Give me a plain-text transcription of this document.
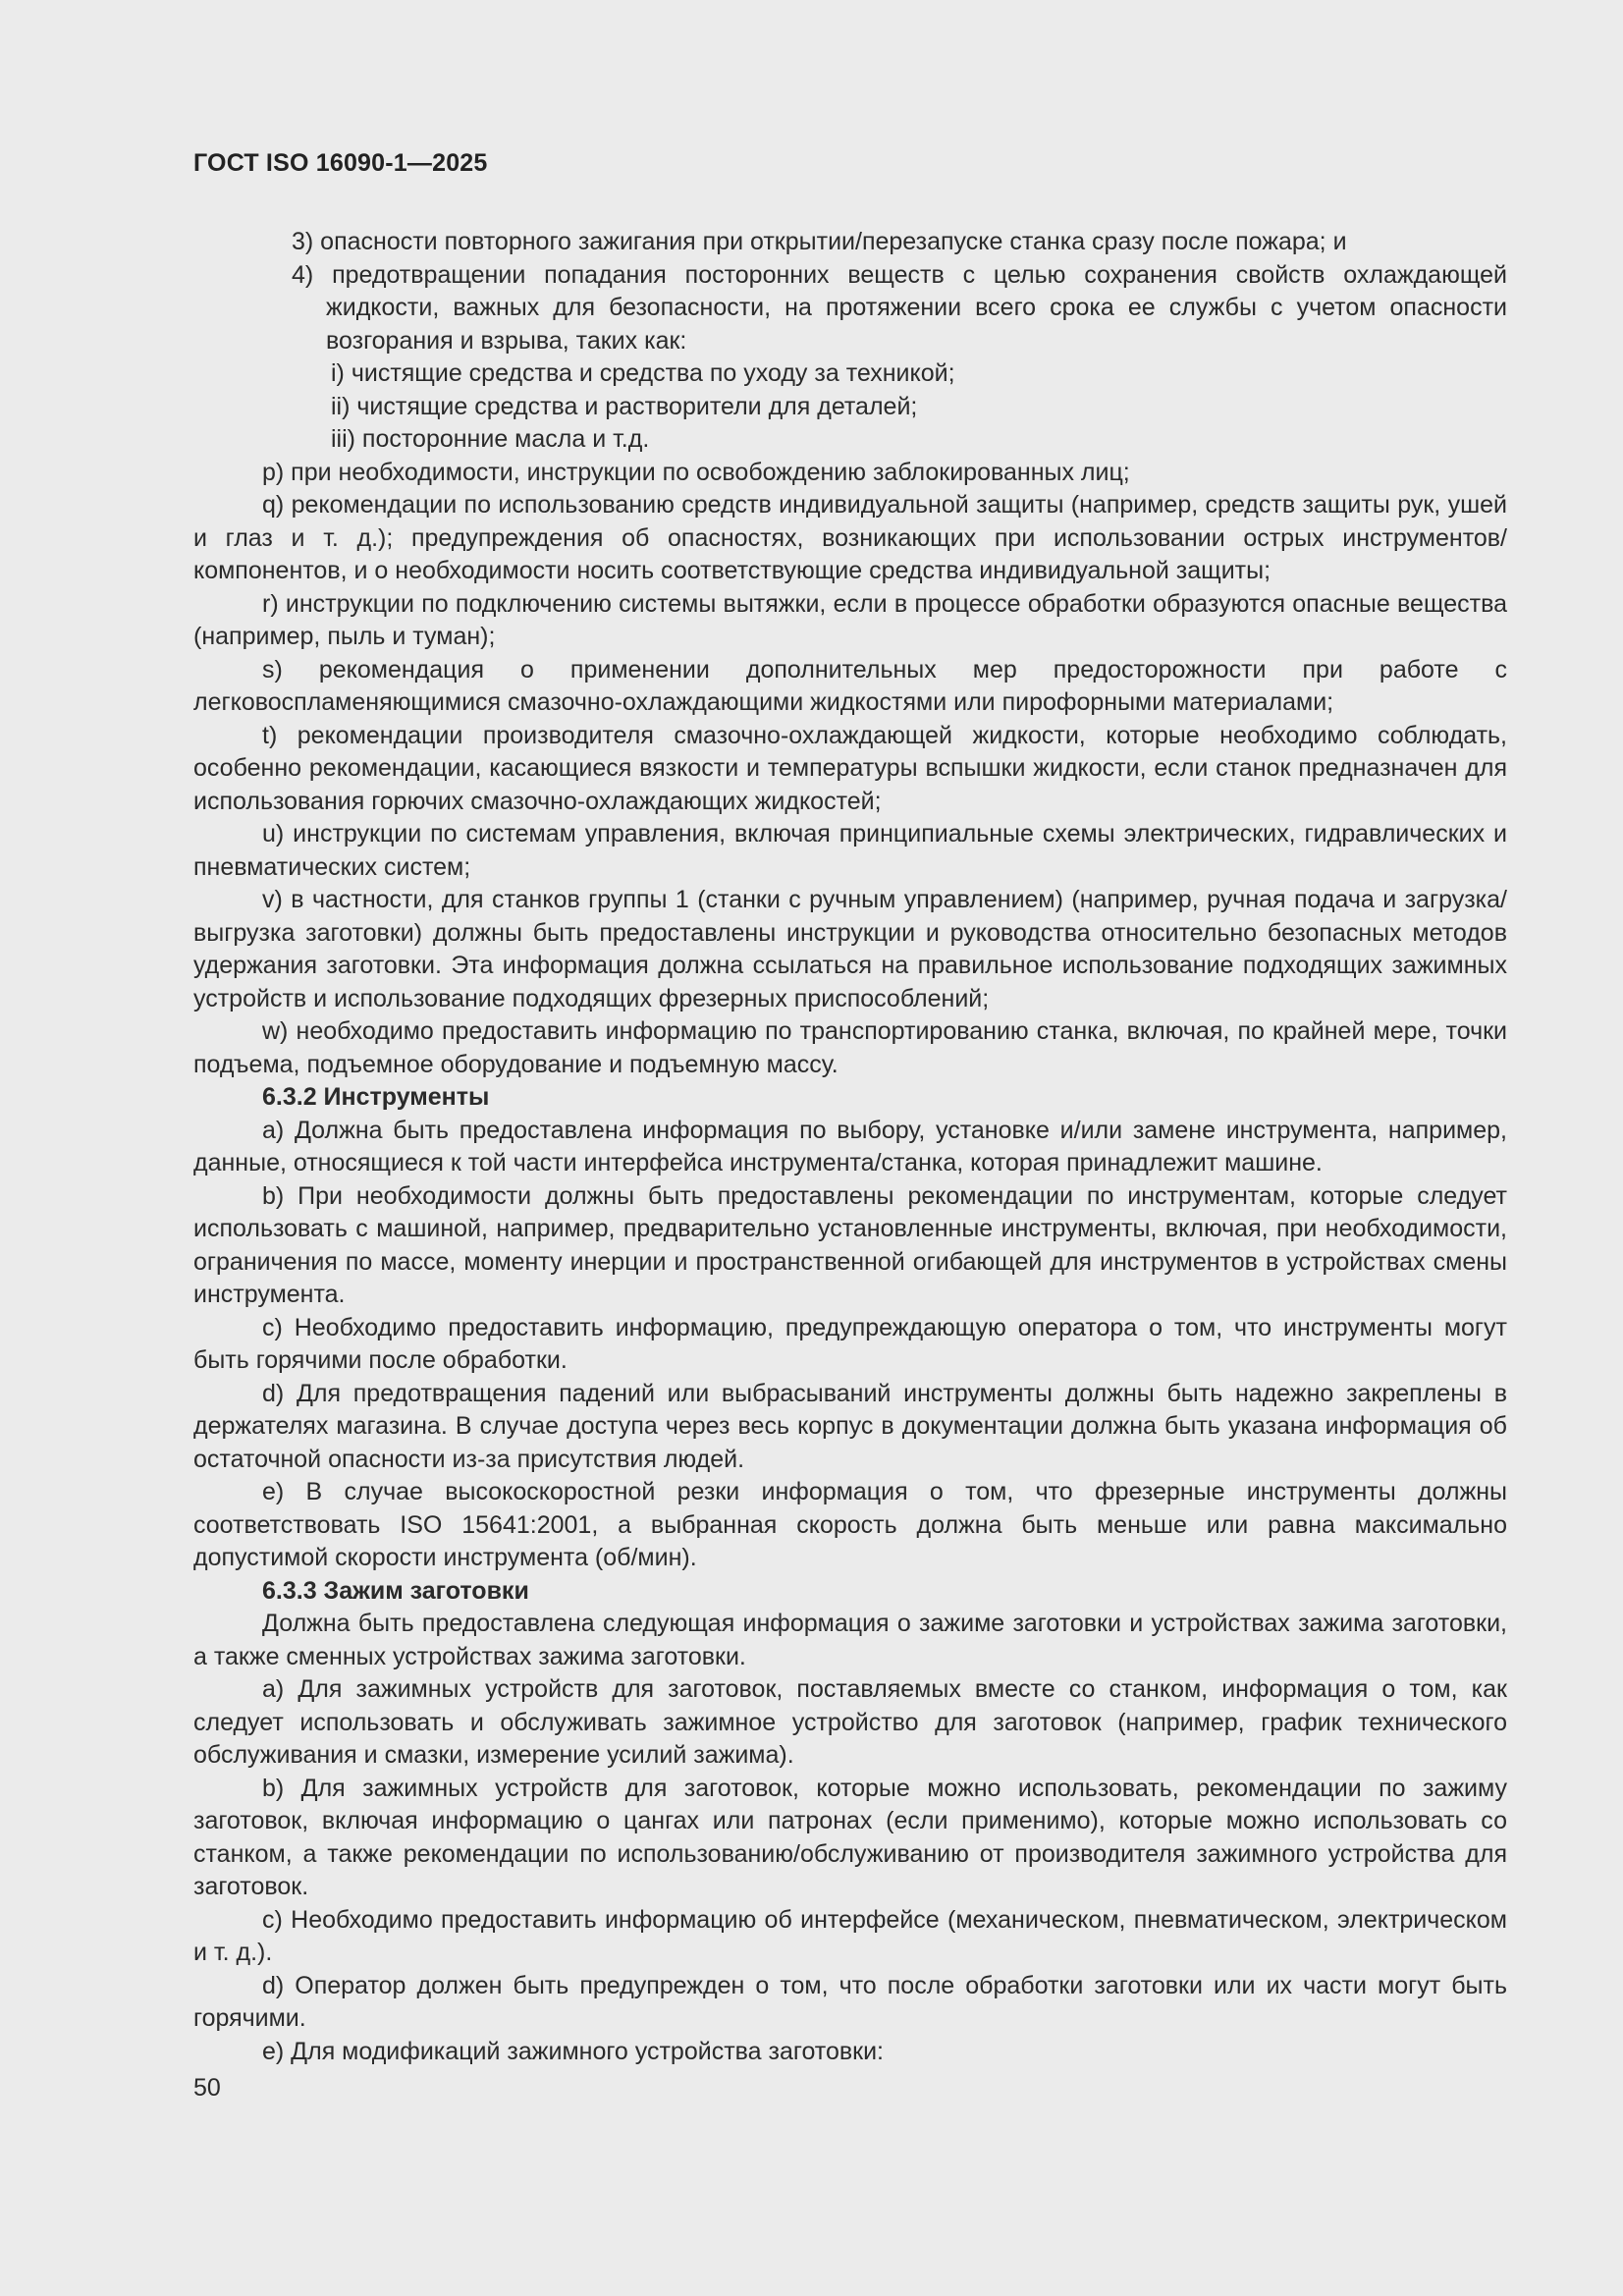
ГОСТ ISO 16090-1—2025

3) опасности повторного зажигания при открытии/перезапуске станка сразу после пожара; и

4) предотвращении попадания посторонних веществ с целью сохранения свойств охлаждающей жидкости, важных для безопасности, на протяжении всего срока ее службы с учетом опасности возгорания и взрыва, таких как:

i) чистящие средства и средства по уходу за техникой;

ii) чистящие средства и растворители для деталей;

iii) посторонние масла и т.д.

p) при необходимости, инструкции по освобождению заблокированных лиц;

q) рекомендации по использованию средств индивидуальной защиты (например, средств защиты рук, ушей и глаз и т. д.); предупреждения об опасностях, возникающих при использовании острых инструментов/компонентов, и о необходимости носить соответствующие средства индивидуальной защиты;

r) инструкции по подключению системы вытяжки, если в процессе обработки образуются опасные вещества (например, пыль и туман);

s) рекомендация о применении дополнительных мер предосторожности при работе с легковоспламеняющимися смазочно-охлаждающими жидкостями или пирофорными материалами;

t) рекомендации производителя смазочно-охлаждающей жидкости, которые необходимо соблюдать, особенно рекомендации, касающиеся вязкости и температуры вспышки жидкости, если станок предназначен для использования горючих смазочно-охлаждающих жидкостей;

u) инструкции по системам управления, включая принципиальные схемы электрических, гидравлических и пневматических систем;

v) в частности, для станков группы 1 (станки с ручным управлением) (например, ручная подача и загрузка/выгрузка заготовки) должны быть предоставлены инструкции и руководства относительно безопасных методов удержания заготовки. Эта информация должна ссылаться на правильное использование подходящих зажимных устройств и использование подходящих фрезерных приспособлений;

w) необходимо предоставить информацию по транспортированию станка, включая, по крайней мере, точки подъема, подъемное оборудование и подъемную массу.

6.3.2 Инструменты

a) Должна быть предоставлена информация по выбору, установке и/или замене инструмента, например, данные, относящиеся к той части интерфейса инструмента/станка, которая принадлежит машине.

b) При необходимости должны быть предоставлены рекомендации по инструментам, которые следует использовать с машиной, например, предварительно установленные инструменты, включая, при необходимости, ограничения по массе, моменту инерции и пространственной огибающей для инструментов в устройствах смены инструмента.

c) Необходимо предоставить информацию, предупреждающую оператора о том, что инструменты могут быть горячими после обработки.

d) Для предотвращения падений или выбрасываний инструменты должны быть надежно закреплены в держателях магазина. В случае доступа через весь корпус в документации должна быть указана информация об остаточной опасности из-за присутствия людей.

e) В случае высокоскоростной резки информация о том, что фрезерные инструменты должны соответствовать ISO 15641:2001, а выбранная скорость должна быть меньше или равна максимально допустимой скорости инструмента (об/мин).

6.3.3 Зажим заготовки

Должна быть предоставлена следующая информация о зажиме заготовки и устройствах зажима заготовки, а также сменных устройствах зажима заготовки.

a) Для зажимных устройств для заготовок, поставляемых вместе со станком, информация о том, как следует использовать и обслуживать зажимное устройство для заготовок (например, график технического обслуживания и смазки, измерение усилий зажима).

b) Для зажимных устройств для заготовок, которые можно использовать, рекомендации по зажиму заготовок, включая информацию о цангах или патронах (если применимо), которые можно использовать со станком, а также рекомендации по использованию/обслуживанию от производителя зажимного устройства для заготовок.

c) Необходимо предоставить информацию об интерфейсе (механическом, пневматическом, электрическом и т. д.).

d) Оператор должен быть предупрежден о том, что после обработки заготовки или их части могут быть горячими.

e) Для модификаций зажимного устройства заготовки:

50
